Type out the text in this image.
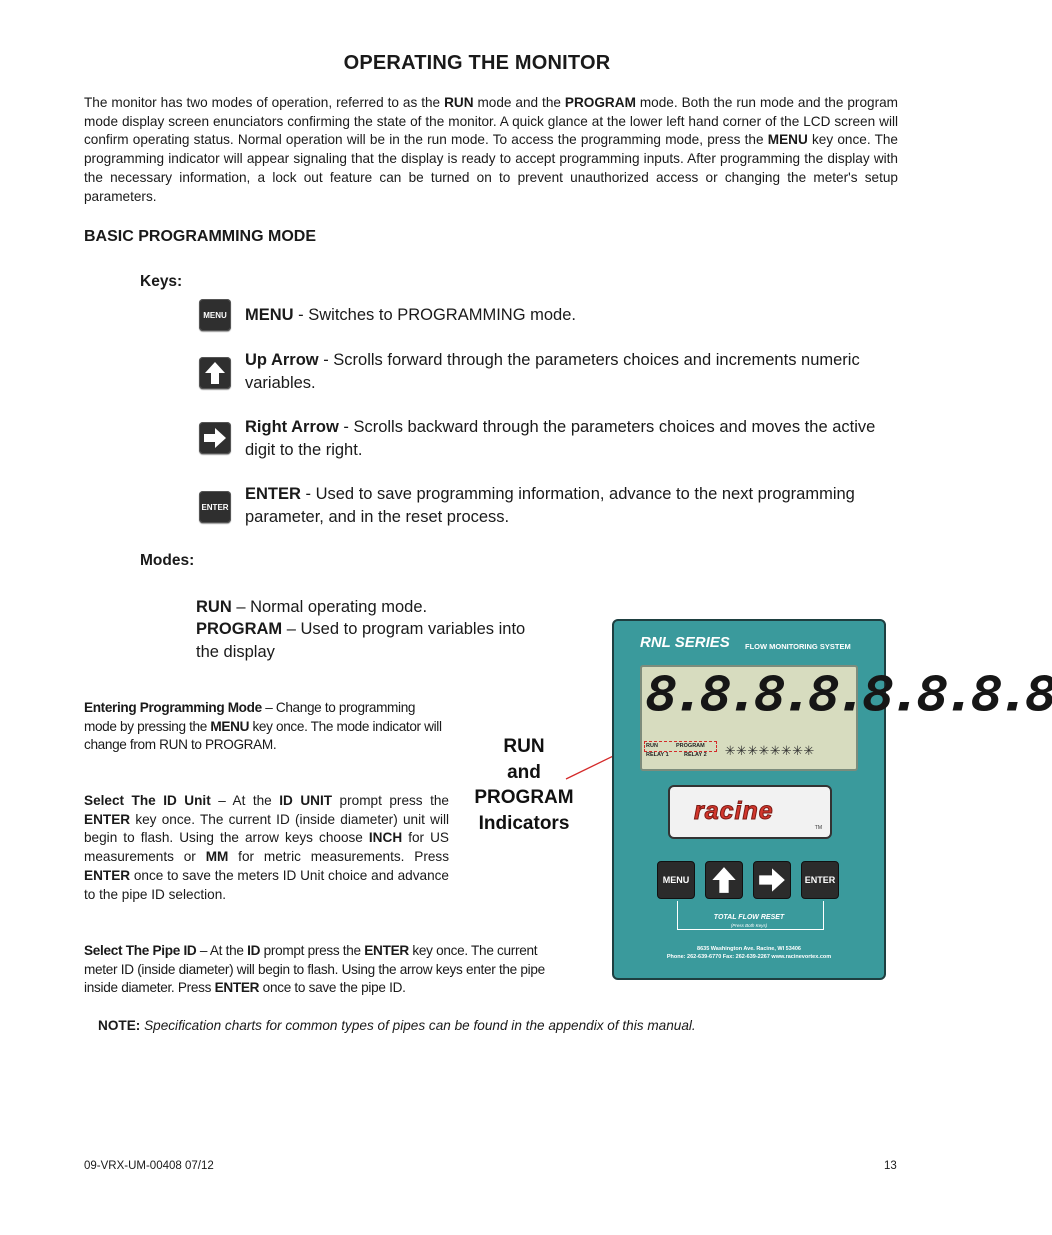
OPERATING THE MONITOR
The monitor has two modes of operation, referred to as the RUN mode and the PROGRAM mode. Both the run mode and the program mode display screen enunciators confirming the state of the monitor. A quick glance at the lower left hand corner of the LCD screen will confirm operating status. Normal operation will be in the run mode. To access the programming mode, press the MENU key once. The programming indicator will appear signaling that the display is ready to accept programming inputs. After programming the display with the necessary information, a lock out feature can be turned on to prevent unauthorized access or changing the meter's setup parameters.
BASIC PROGRAMMING MODE
Keys:
MENU MENU - Switches to PROGRAMMING mode.
Up Arrow - Scrolls forward through the parameters choices and increments numeric variables.
Right Arrow - Scrolls backward through the parameters choices and moves the active digit to the right.
ENTER
ENTER - Used to save programming information, advance to the next programming parameter, and in the reset process.
Modes:
RUN – Normal operating mode.
PROGRAM – Used to program variables into the display
Entering Programming Mode – Change to programming mode by pressing the MENU key once. The mode indicator will change from RUN to PROGRAM.
Select The ID Unit – At the ID UNIT prompt press the ENTER key once. The current ID (inside diameter) unit will begin to flash. Using the arrow keys choose INCH for US measurements or MM for metric measurements. Press ENTER once to save the meters ID Unit choice and advance to the pipe ID selection.
Select The Pipe ID – At the ID prompt press the ENTER key once. The current meter ID (inside diameter) will begin to flash. Using the arrow keys enter the pipe inside diameter. Press ENTER once to save the pipe ID.
RUN
and
PROGRAM
Indicators
RNL SERIES FLOW MONITORING SYSTEM
8.8.8.8.8.8.8.8
RUN	PROGRAM
RELAY 1	RELAY 2 ✳✳✳✳✳✳✳✳
racine
TM
MENU	ENTER
TOTAL FLOW RESET
(Press Both Keys)
8635 Washington Ave. Racine, WI 53406
Phone: 262-639-6770 Fax: 262-639-2267 www.racinevortex.com
NOTE: Specification charts for common types of pipes can be found in the appendix of this manual.
09-VRX-UM-00408 07/12	13
